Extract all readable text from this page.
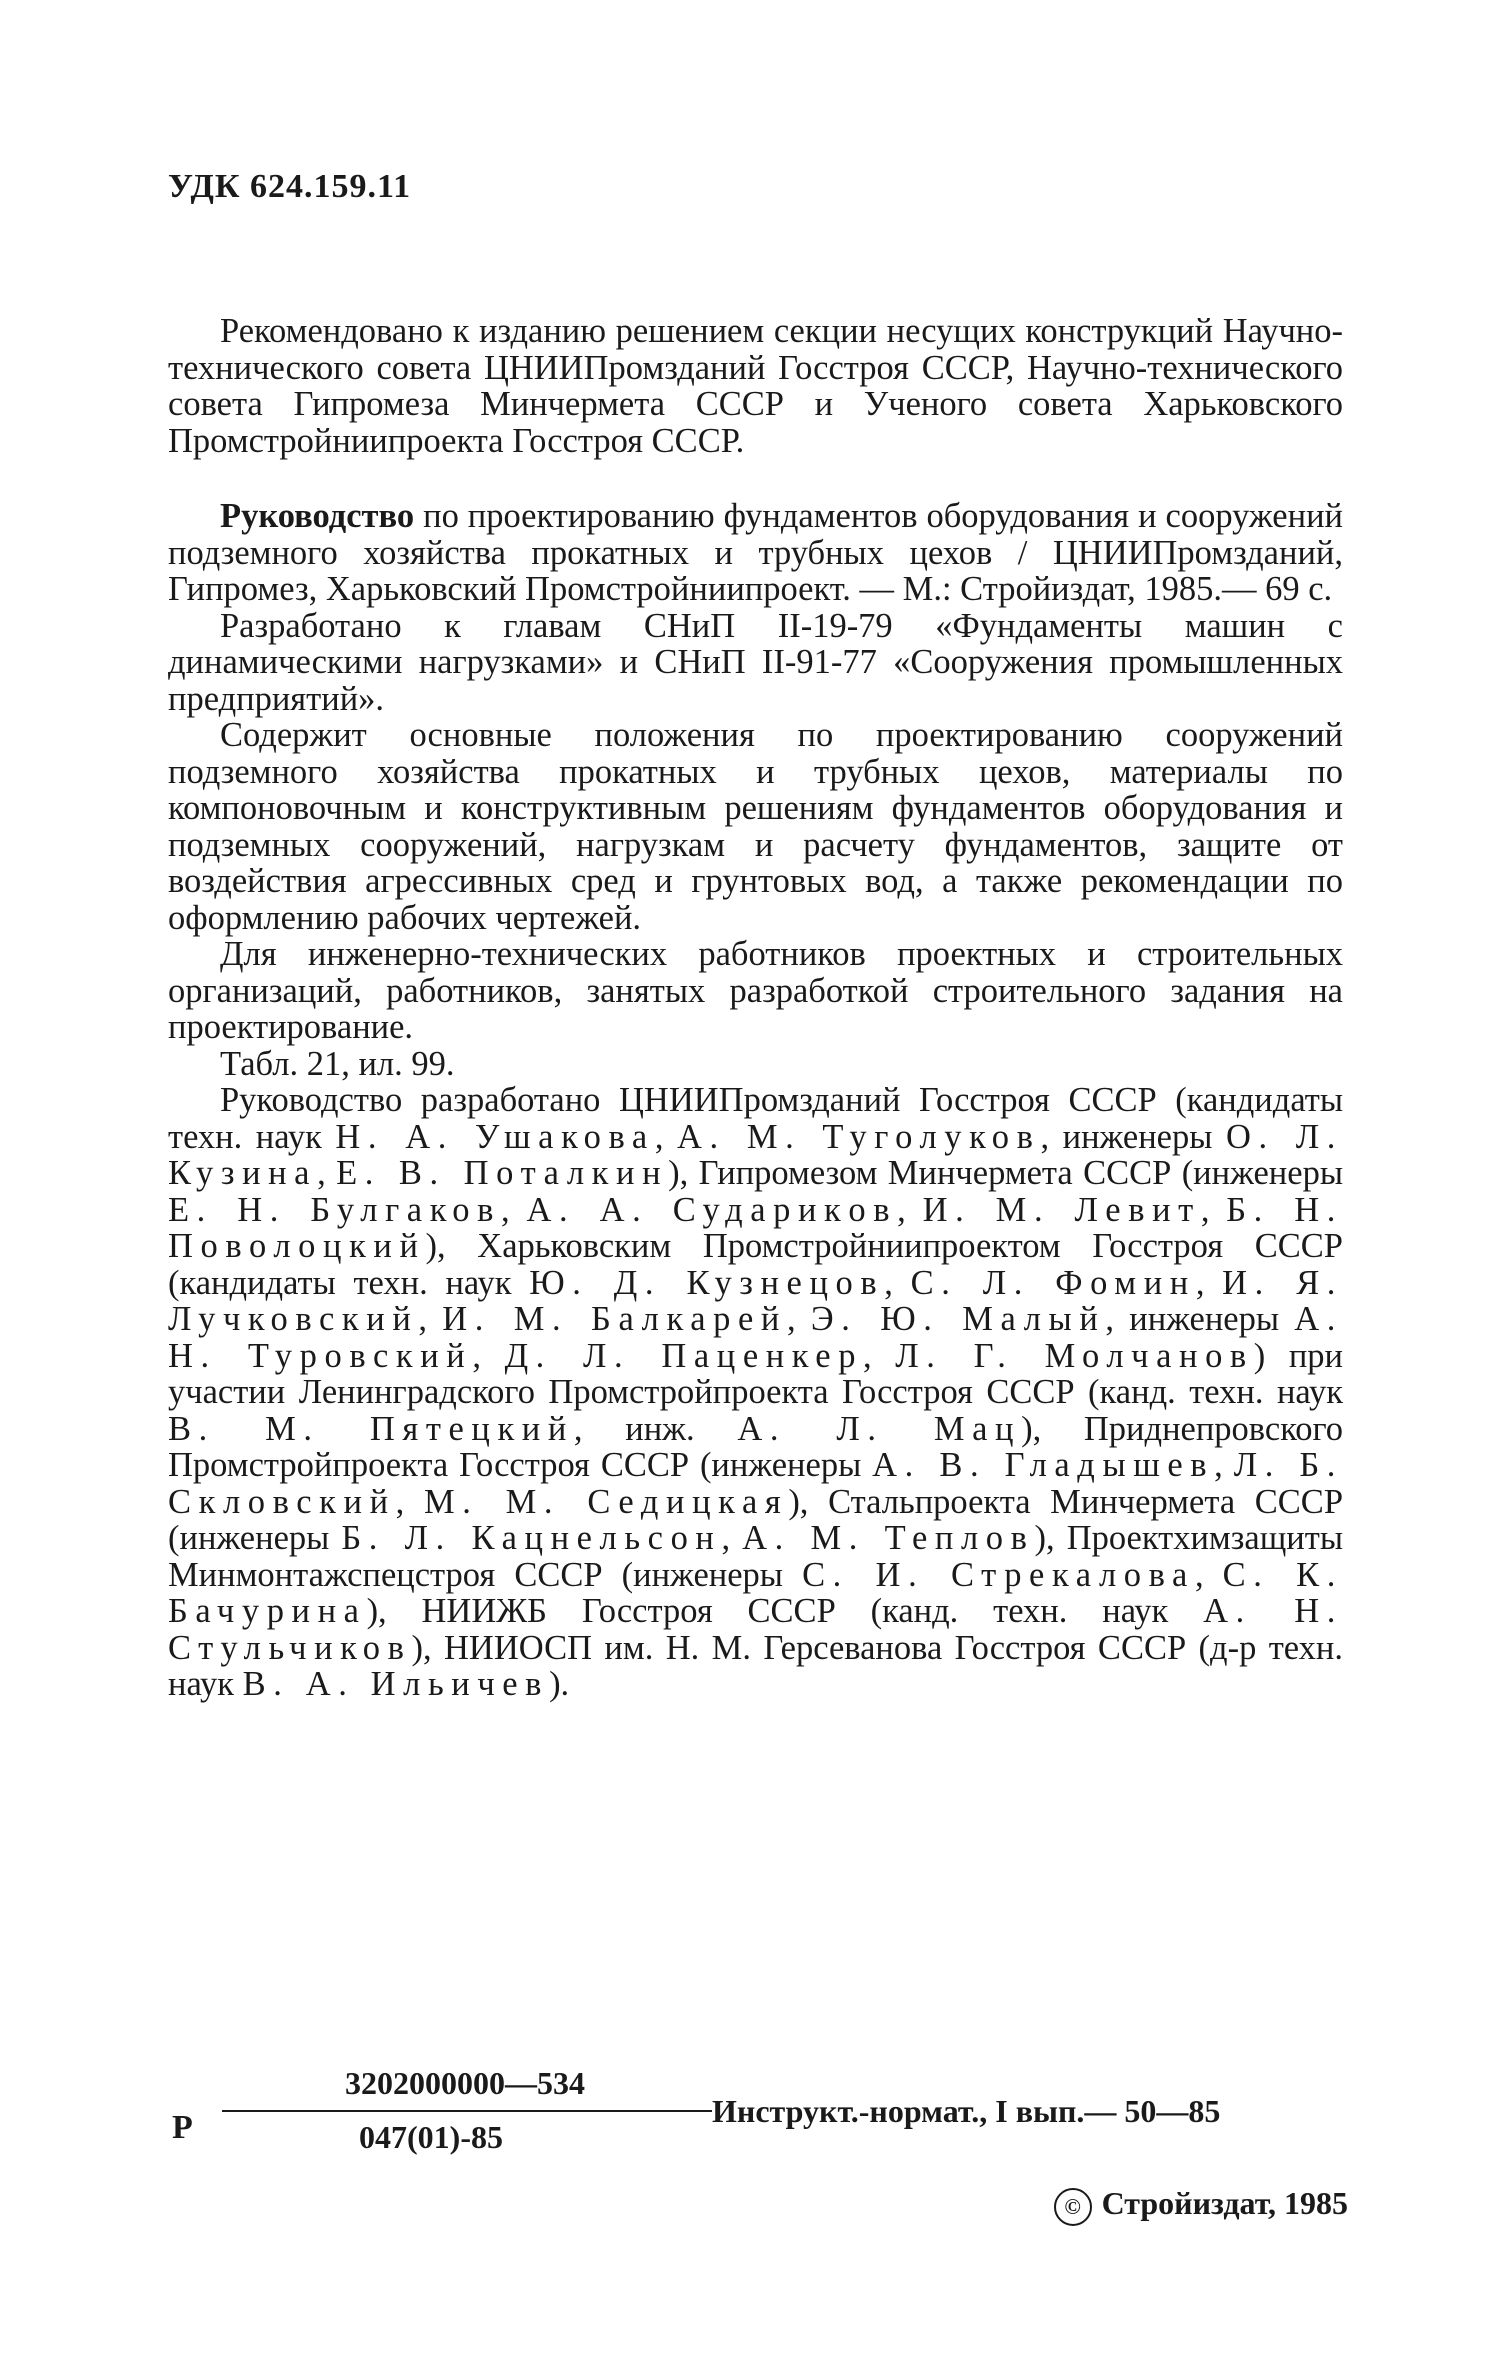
УДК 624.159.11
Рекомендовано к изданию решением секции несущих конструкций Научно-технического совета ЦНИИПромзданий Госстроя СССР, Научно-технического совета Гипромеза Минчермета СССР и Ученого совета Харьковского Промстройниипроекта Госстроя СССР.

Руководство по проектированию фундаментов оборудования и сооружений подземного хозяйства прокатных и трубных цехов / ЦНИИПромзданий, Гипромез, Харьковский Промстройниипроект. — М.: Стройиздат, 1985.— 69 с.

Разработано к главам СНиП II-19-79 «Фундаменты машин с динамическими нагрузками» и СНиП II-91-77 «Сооружения промышленных предприятий».

Содержит основные положения по проектированию сооружений подземного хозяйства прокатных и трубных цехов, материалы по компоновочным и конструктивным решениям фундаментов оборудования и подземных сооружений, нагрузкам и расчету фундаментов, защите от воздействия агрессивных сред и грунтовых вод, а также рекомендации по оформлению рабочих чертежей.

Для инженерно-технических работников проектных и строительных организаций, работников, занятых разработкой строительного задания на проектирование.

Табл. 21, ил. 99.

Руководство разработано ЦНИИПромзданий Госстроя СССР (кандидаты техн. наук Н. А. Ушакова, А. М. Туголуков, инженеры О. Л. Кузина, Е. В. Поталкин), Гипромезом Минчермета СССР (инженеры Е. Н. Булгаков, А. А. Сударикoв, И. М. Левит, Б. Н. Поволоцкий), Харьковским Промстройниипроектом Госстроя СССР (кандидаты техн. наук Ю. Д. Кузнецов, С. Л. Фомин, И. Я. Лучковский, И. М. Балкарей, Э. Ю. Малый, инженеры А. Н. Туровский, Д. Л. Паценкер, Л. Г. Молчанов) при участии Ленинградского Промстройпроекта Госстроя СССР (канд. техн. наук В. М. Пятецкий, инж. А. Л. Мац), Приднепровского Промстройпроекта Госстроя СССР (инженеры А. В. Гладышев, Л. Б. Скловский, М. М. Седицкая), Стальпроекта Минчермета СССР (инженеры Б. Л. Кацнельсон, А. М. Теплов), Проектхимзащиты Минмонтажспецстроя СССР (инженеры С. И. Стрекалова, С. К. Бачурина), НИИЖБ Госстроя СССР (канд. техн. наук А. Н. Стульчиков), НИИОСП им. Н. М. Герсеванова Госстроя СССР (д-р техн. наук В. А. Ильичев).

Р
3202000000—534
047(01)-85
Инструкт.-нормат., I вып.— 50—85
© Стройиздат, 1985
